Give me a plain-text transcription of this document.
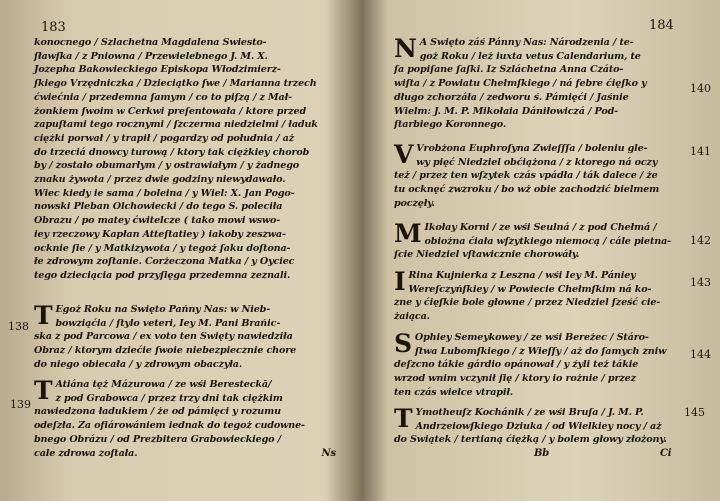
183
konocnego / Szlachetna Magdalena Swiesto-
ſławſka / z Pniowna / Przewielebnego J. M. X.
Jozepha Bakowieckiego Episkopa Włodzimierz-
ſkiego Vrzędniczka / Dzieciątko ſwe / Marianna trzech
ćwiećnia / przedemna ſamym / co to piſzą / z Mał-
żonkiem ſwoim w Cerkwi preſentowała / ktore przed
zapuſtami tego rocznymi / ſzczerma niedzielmi / ładuk
ciężki porwał / y trapił / pogardzy od południa / aż
do trzeciá dnowcy turową / ktory tak ciężkiey chorob
by / zostało obumarłym / y ostrawiałym / y żadnego
znaku żywota / przez dwie godziny niewydawało.
Wiec kiedy ie sama / boleina / y Wiel: X. Jan Pogo-
nowski Pleban Olchowiecki / do tego S. poleciła
Obrazu / po matey ćwitelcze ( tako mowi wswo-
iey rzeczowy Kapłan Atteſtatiey ) iakoby zeszwa-
ocknie ſie / y Matkizywota / y tegoż ſaku doſtona-
łe zdrowym zoſtanie. Corżeczona Matka / y Oyciec
tego dzieciącia pod przyſięga przedemna zeznali.
138 T Egoż Roku na Swięto Pańny Nas: w Nieb-
bowziąćia / ſtylo veteri, Iey M. Pani Brańic-
ska z pod Parcowa / ex voto ten Swięty nawiedziła
Obraz / ktorym dziećie ſwoie niebezpiecznie chore
do niego obiecała / y zdrowym obaczyła.
139 T Atiána tęż Mázurowa / ze wśi Beresteckā/
z pod Grabowca / przez trzy dni tak ciężkim
nawiedzona ładukiem / że od pámięci y rozumu
odeſzła. Za ofiárowániem iednak do tegoż cudowne-
bnego Obrázu / od Prezbitera Grabowieckiego /
cale zdrowa zoſtała.	Ns
184
140
N A Swięto záś Pánny Nas: Národzenia / te-
goż Roku / leż iuxta vetus Calendarium, te
ſa popiſane ſaſki. Iz Szláchetna Anna Czáto-
wiſta / z Powiatu Chełmſkiego / ná febre ćięſko y
długo zchorzáła / zedworu ś. Pámięći / Jaśnie
Wielm: J. M. P. Mikołaia Dániłowiczá / Pod-
ſtarbiego Koronnego.
141
V Vrobżona Euphroſyna Zwieſſſa / boleniu gle-
wy pięć Niedziel obćiążona / z ktorego ná oczy
też / przez ten wſzytek czás vpádła / ták dalece / że
tu ocknęć zwzroku / bo wż obie zachodzić bielmem
poczęły.
142
M Ikołay Korni / ze wśi Seulná / z pod Chełmá /
obiożna ćiała wſzytkiego niemocą / cále pietna-
ſcie Niedziel vſtawicznie chorowáły.
143
I Rina Kujnierka z Leszna / wśi Iey M. Pániey
Wereſczyńſkiey / w Powiecie Chełmſkim ná ko-
zne y ćięſkie bole głowne / przez Niedziel ſześć cie-
żaiąca.
144
S Ophiey Semeykowey / ze wśi Bereżec / Stáro-
ſtwa Lubomſkiego / z Wieſſy / aż do ſamych zniw
deſzcno tákie gárdio opánował / y źyli też tákie
wrzod wnim vczynił ſię / ktory io rożnie / przez
ten czás wielce vtrapił.
145
T Ymotheuſz Kochánik / ze wśi Bruſa / J. M. P.
Andrzeiowſkiego Dziuka / od Wielkiey nocy / aż
do Swiątek / tertianą ćiężką / y bolem głowy złożony.
Bb	Ci
